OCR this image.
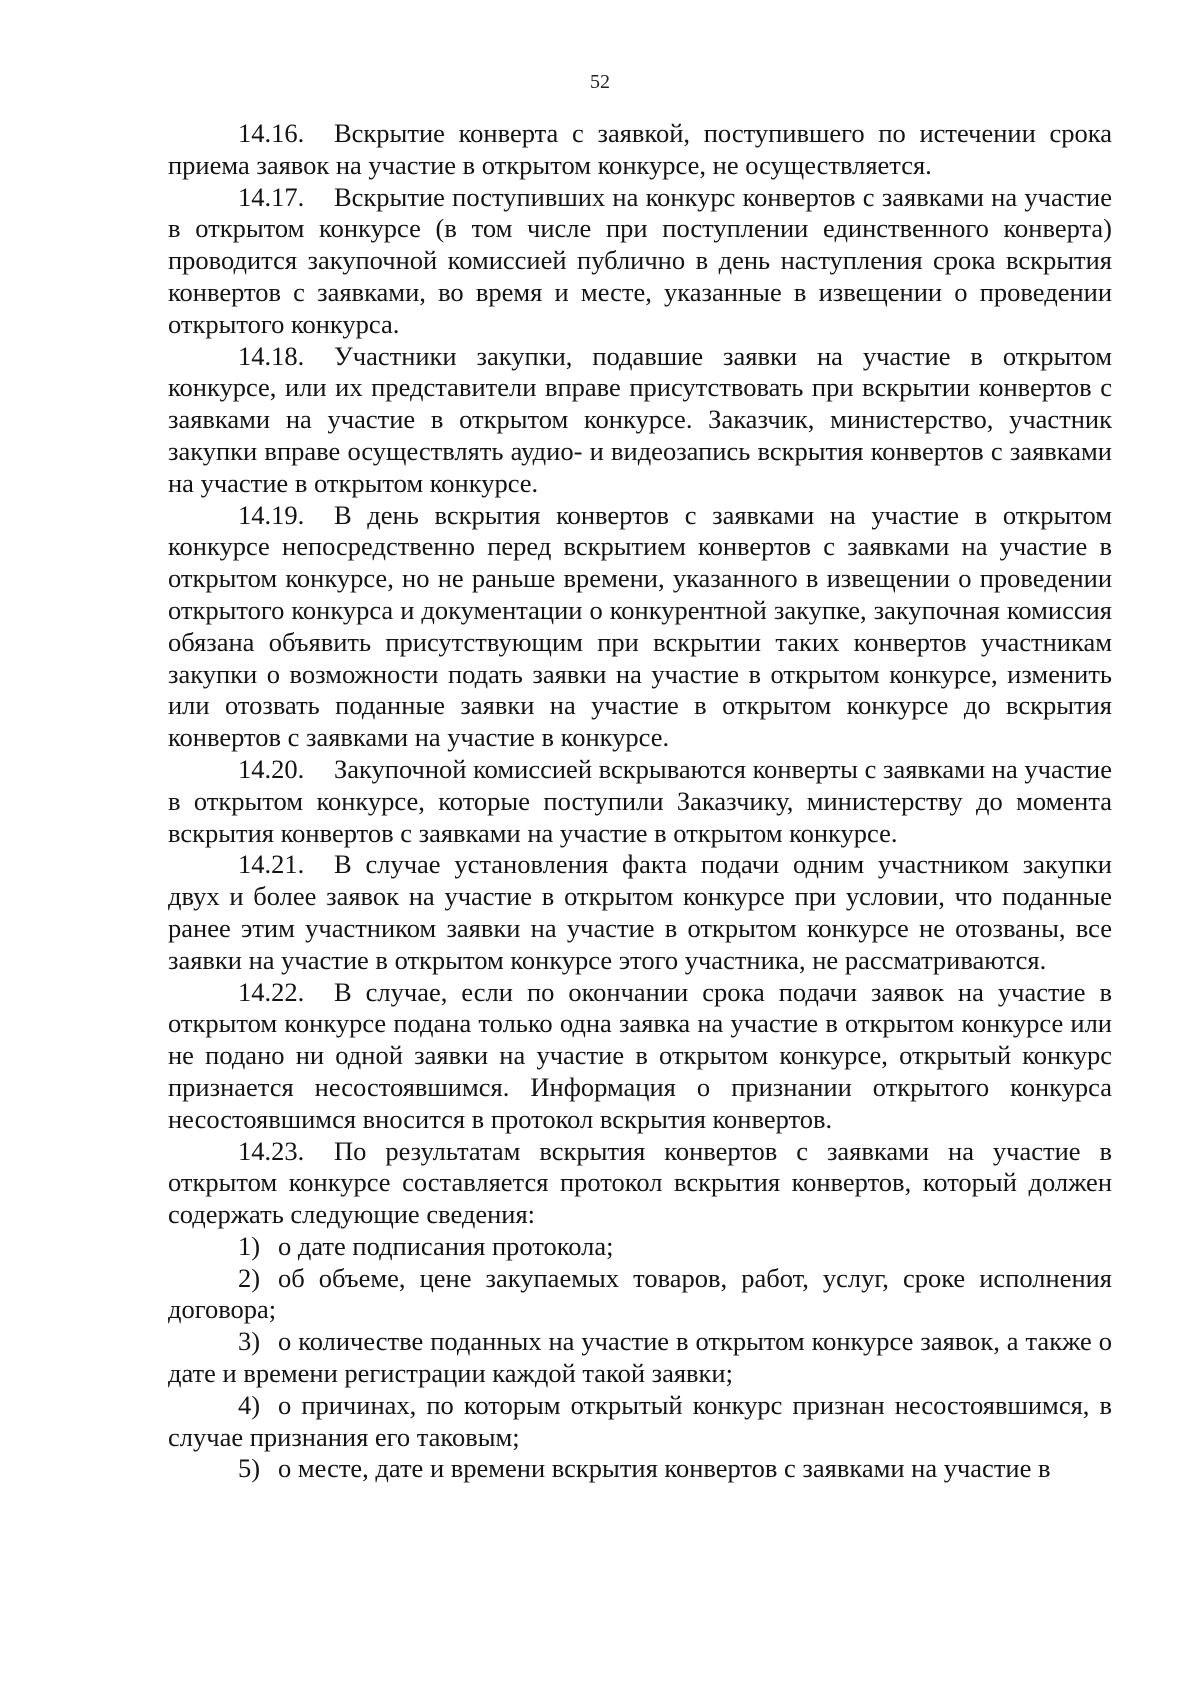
52

14.16. Вскрытие конверта с заявкой, поступившего по истечении срока приема заявок на участие в открытом конкурсе, не осуществляется.

14.17. Вскрытие поступивших на конкурс конвертов с заявками на участие в открытом конкурсе (в том числе при поступлении единственного конверта) проводится закупочной комиссией публично в день наступления срока вскрытия конвертов с заявками, во время и месте, указанные в извещении о проведении открытого конкурса.

14.18. Участники закупки, подавшие заявки на участие в открытом конкурсе, или их представители вправе присутствовать при вскрытии конвертов с заявками на участие в открытом конкурсе. Заказчик, министерство, участник закупки вправе осуществлять аудио- и видеозапись вскрытия конвертов с заявками на участие в открытом конкурсе.

14.19. В день вскрытия конвертов с заявками на участие в открытом конкурсе непосредственно перед вскрытием конвертов с заявками на участие в открытом конкурсе, но не раньше времени, указанного в извещении о проведении открытого конкурса и документации о конкурентной закупке, закупочная комиссия обязана объявить присутствующим при вскрытии таких конвертов участникам закупки о возможности подать заявки на участие в открытом конкурсе, изменить или отозвать поданные заявки на участие в открытом конкурсе до вскрытия конвертов с заявками на участие в конкурсе.

14.20. Закупочной комиссией вскрываются конверты с заявками на участие в открытом конкурсе, которые поступили Заказчику, министерству до момента вскрытия конвертов с заявками на участие в открытом конкурсе.

14.21. В случае установления факта подачи одним участником закупки двух и более заявок на участие в открытом конкурсе при условии, что поданные ранее этим участником заявки на участие в открытом конкурсе не отозваны, все заявки на участие в открытом конкурсе этого участника, не рассматриваются.

14.22. В случае, если по окончании срока подачи заявок на участие в открытом конкурсе подана только одна заявка на участие в открытом конкурсе или не подано ни одной заявки на участие в открытом конкурсе, открытый конкурс признается несостоявшимся. Информация о признании открытого конкурса несостоявшимся вносится в протокол вскрытия конвертов.

14.23. По результатам вскрытия конвертов с заявками на участие в открытом конкурсе составляется протокол вскрытия конвертов, который должен содержать следующие сведения:

1) о дате подписания протокола;

2) об объеме, цене закупаемых товаров, работ, услуг, сроке исполнения договора;

3) о количестве поданных на участие в открытом конкурсе заявок, а также о дате и времени регистрации каждой такой заявки;

4) о причинах, по которым открытый конкурс признан несостоявшимся, в случае признания его таковым;

5) о месте, дате и времени вскрытия конвертов с заявками на участие в
